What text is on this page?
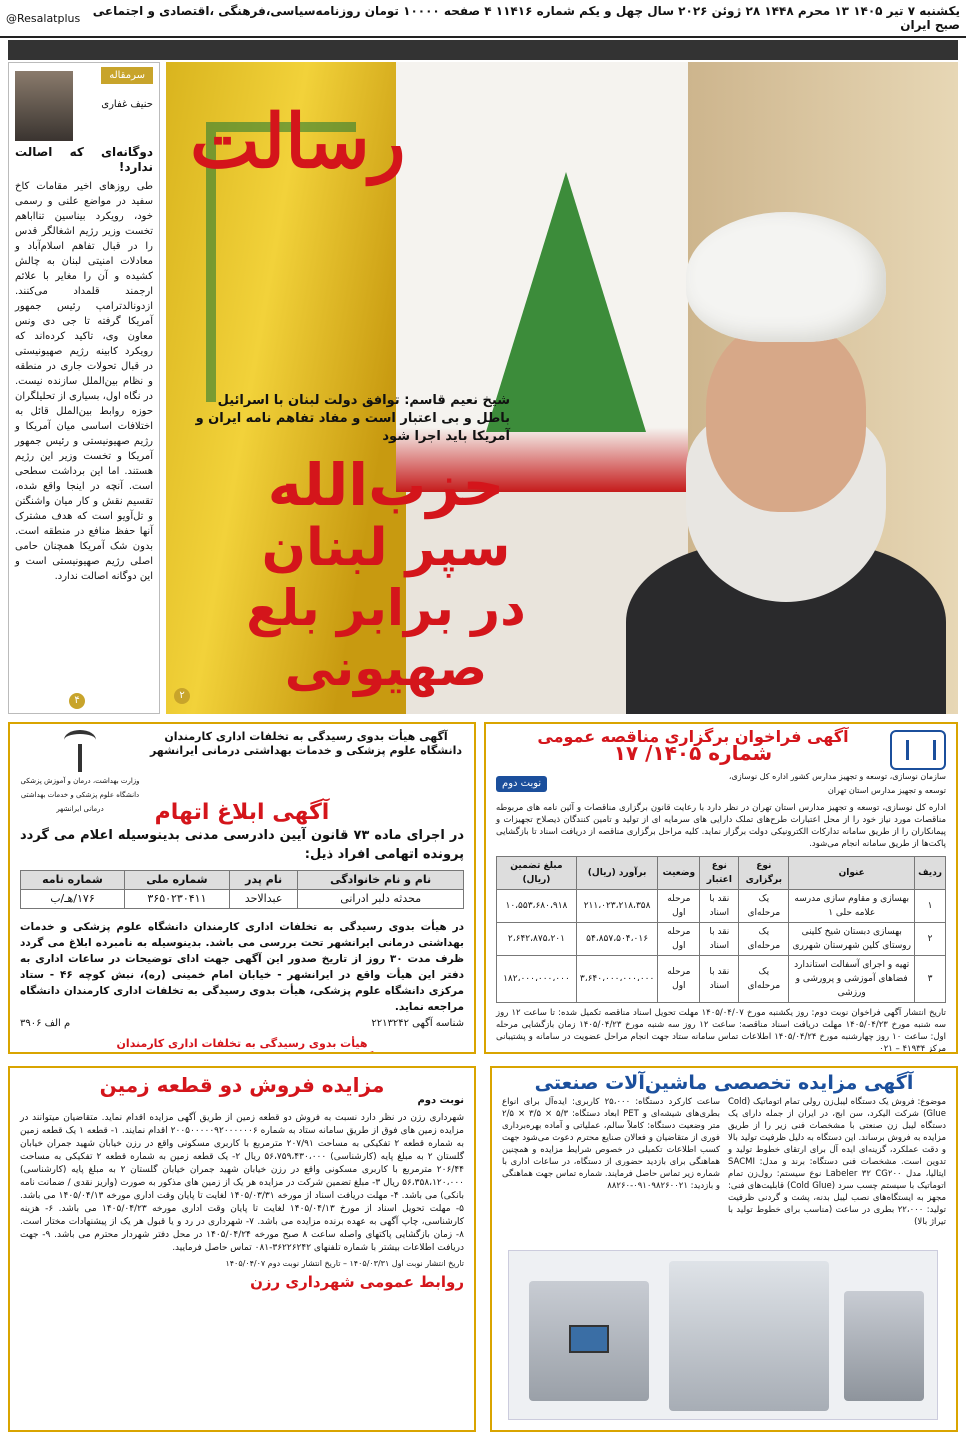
یکشنبه ۷ تیر ۱۴۰۵ ۱۳ محرم ۱۴۴۸ ۲۸ ژوئن ۲۰۲۶ سال چهل و یکم شماره ۱۱۴۱۶ ۴ صفحه ۱۰۰۰۰ تومان روزنامه‌سیاسی،فرهنگی ،اقتصادی و اجتماعی صبح ایران
@Resalatplus
سرمقاله
حنیف غفاری
دوگانه‌ای که اصالت ندارد!
طی روزهای اخیر مقامات کاخ سفید در مواضع علنی و رسمی خود، رویکرد بیناسین تنااباهم تخست وزیر رژیم اشغالگر قدس را در قبال تفاهم اسلام‌آباد و معادلات امنیتی لبنان به چالش کشیده و آن را مغایر با علائم ارجمند قلمداد می‌کنند. ازدونالدترامپ رئیس جمهور آمریکا گرفته تا جی دی ونس معاون وی، تاکید کرده‌اند که رویکرد کابینه رژیم صهیونیستی در قبال تحولات جاری در منطقه و نظام بین‌الملل سازنده نیست. در نگاه اول، بسیاری از تحلیلگران حوزه روابط بین‌الملل قائل به اختلافات اساسی میان آمریکا و رژیم صهیونیستی و رئیس جمهور آمریکا و تخست وزیر این رژیم هستند. اما این برداشت سطحی است. آنچه در اینجا واقع شده، تقسیم نقش و کار میان واشنگتن و تل‌آویو است که هدف مشترک آنها حفظ منافع در منطقه است. بدون شک آمریکا همچنان حامی اصلی رژیم صهیونیستی است و این دوگانه اصالت ندارد.
۴
رسالت
شیخ نعیم قاسم: توافق دولت لبنان با اسرائیل باطل و بی اعتبار است و مفاد تفاهم نامه ایران و آمریکا باید اجرا شود
حزب‌الله
سپر لبنان
در برابر بلع صهیونی
۲
آگهی فراخوان برگزاری مناقصه عمومی
شماره ۱۴۰۵/ ۱۷
سازمان نوسازی، توسعه و تجهیز مدارس کشور اداره کل نوسازی، توسعه و تجهیز مدارس استان تهران
نوبت دوم
اداره کل نوسازی، توسعه و تجهیز مدارس استان تهران در نظر دارد با رعایت قانون برگزاری مناقصات و آئین نامه های مربوطه مناقصات مورد نیاز خود را از محل اعتبارات طرح‌های تملک دارایی های سرمایه ای از تولید و تامین کنندگان ذیصلاح تجهیزات و پیمانکاران را از طریق سامانه تدارکات الکترونیکی دولت برگزار نماید. کلیه مراحل برگزاری مناقصه از دریافت اسناد تا بازگشایی پاکت‌ها از طریق سامانه انجام می‌شود.
ردیف	عنوان	نوع برگزاری	نوع اعتبار	وضعیت	برآورد (ریال)	مبلغ تضمین (ریال)
۱	بهسازی و مقاوم سازی مدرسه علامه حلی ۱	یک مرحله‌ای	نقد با اسناد	مرحله اول	۲۱۱،۰۲۳،۲۱۸،۳۵۸	۱۰،۵۵۳،۶۸۰،۹۱۸
۲	بهسازی دبستان شیخ کلینی روستای کلین شهرستان شهرری	یک مرحله‌ای	نقد با اسناد	مرحله اول	۵۴،۸۵۷،۵۰۴،۰۱۶	۲،۶۴۲،۸۷۵،۲۰۱
۳	تهیه و اجرای آسفالت استاندارد فضاهای آموزشی و پرورشی و ورزشی	یک مرحله‌ای	نقد با اسناد	مرحله اول	۳،۶۴۰،۰۰۰،۰۰۰،۰۰۰	۱۸۲،۰۰۰،۰۰۰،۰۰۰
تاریخ انتشار آگهی فراخوان نوبت دوم: روز یکشنبه مورخ ۱۴۰۵/۰۴/۰۷ مهلت تحویل اسناد مناقصه تکمیل شده: تا ساعت ۱۲ روز سه شنبه مورخ ۱۴۰۵/۰۴/۲۳ مهلت دریافت اسناد مناقصه: ساعت ۱۲ روز سه شنبه مورخ ۱۴۰۵/۰۴/۲۳ زمان بازگشایی مرحله اول: ساعت ۱۰ روز چهارشنبه مورخ ۱۴۰۵/۰۴/۲۴ اطلاعات تماس سامانه ستاد جهت انجام مراحل عضویت در سامانه و پشتیبانی مرکز ۴۱۹۳۴ – ۰۲۱
آگهی هیأت بدوی رسیدگی به تخلفات اداری کارمندان
دانشگاه علوم پزشکی و خدمات بهداشتی درمانی ایرانشهر
وزارت بهداشت، درمان و آموزش پزشکی دانشگاه علوم پزشکی و خدمات بهداشتی درمانی ایرانشهر	آگهی ابلاغ اتهام
در اجرای ماده ۷۳ قانون آیین دادرسی مدنی بدینوسیله اعلام می گردد پرونده اتهامی افراد ذیل:
نام و نام خانوادگی	نام پدر	شماره ملی	شماره نامه
محدثه دلبر ادرانی	عبدالاحد	۳۶۵۰۲۳۰۴۱۱	۱۷۶/هـ/ب
در هیأت بدوی رسیدگی به تخلفات اداری کارمندان دانشگاه علوم پزشکی و خدمات بهداشتی درمانی ایرانشهر تحت بررسی می باشد. بدینوسیله به نامبرده ابلاغ می گردد ظرف مدت ۳۰ روز از تاریخ صدور این آگهی جهت ادای توضیحات در ساعات اداری به دفتر این هیأت واقع در ایرانشهر - خیابان امام خمینی (ره)، نبش کوچه ۴۶ - ستاد مرکزی دانشگاه علوم پزشکی، هیأت بدوی رسیدگی به تخلفات اداری کارمندان دانشگاه مراجعه نماید.
شناسه آگهی ۲۲۱۳۲۴۲
م الف ۳۹۰۶
هیأت بدوی رسیدگی به تخلفات اداری کارمندان
آگهی مزایده تخصصی ماشین‌آلات صنعتی
موضوع: فروش یک دستگاه لیبل‌زن رولی تمام اتوماتیک (Cold Glue) شرکت الیکرد، سن ابج، در ایران از جمله دارای یک دستگاه لیبل زن صنعتی با مشخصات فنی زیر را از طریق مزایده به فروش برساند. این دستگاه به دلیل ظرفیت تولید بالا و دقت عملکرد، گزینه‌ای ایده آل برای ارتقای خطوط تولید و تدوین است. مشخصات فنی دستگاه: برند و مدل: SACMI ایتالیا، مدل Labeler ۳۲ CG۲۰۰ نوع سیستم: رول‌زن تمام اتوماتیک با سیستم چسب سرد (Cold Glue) قابلیت‌های فنی: مجهز به ایستگاه‌های نصب لیبل بدنه، پشت و گردنی ظرفیت تولید: ۲۲،۰۰۰ بطری در ساعت (مناسب برای خطوط تولید با تیراژ بالا)
ساعت کارکرد دستگاه: ۲۵،۰۰۰ کاربری: ایده‌آل برای انواع بطری‌های شیشه‌ای و PET ابعاد دستگاه: ۵/۳ × ۳/۵ × ۲/۵ متر وضعیت دستگاه: کاملاً سالم، عملیاتی و آماده بهره‌برداری فوری از متقاضیان و فعالان صنایع محترم دعوت می‌شود جهت کسب اطلاعات تکمیلی در خصوص شرایط مزایده و همچنین هماهنگی برای بازدید حضوری از دستگاه، در ساعات اداری با شماره زیر تماس حاصل فرمایند. شماره تماس جهت هماهنگی و بازدید: ۰۹۱۰۹۸۲۶۰۰۲۱-۸۸۲۶۰
مزایده فروش دو قطعه زمین
نوبت دوم
شهرداری رزن در نظر دارد نسبت به فروش دو قطعه زمین از طریق آگهی مزایده اقدام نماید. متقاضیان میتوانند در مزایده زمین های فوق از طریق سامانه ستاد به شماره ۲۰۰۵۰۰۰۰۰۹۲۰۰۰۰۰۰۶ اقدام نمایند. ۱- قطعه ۱ یک قطعه زمین به شماره قطعه ۲ تفکیکی به مساحت ۲۰۷/۹۱ مترمربع با کاربری مسکونی واقع در رزن خیابان شهید جمران خیابان گلستان ۲ به مبلغ پایه (کارشناسی) ۵۶،۷۵۹،۴۳۰،۰۰۰ ریال ۲- یک قطعه زمین به شماره قطعه ۲ تفکیکی به مساحت ۲۰۶/۴۴ مترمربع با کاربری مسکونی واقع در رزن خیابان شهید جمران خیابان گلستان ۲ به مبلغ پایه (کارشناسی) ۵۶،۳۵۸،۱۲۰،۰۰۰ ریال ۳- مبلغ تضمین شرکت در مزایده هر یک از زمین های مذکور به صورت (واریز نقدی / ضمانت نامه بانکی) می باشد. ۴- مهلت دریافت اسناد از مورخه ۱۴۰۵/۰۳/۳۱ لغایت تا پایان وقت اداری مورخه ۱۴۰۵/۰۴/۱۳ می باشد. ۵- مهلت تحویل اسناد از مورخ ۱۴۰۵/۰۴/۱۳ لغایت تا پایان وقت اداری مورخه ۱۴۰۵/۰۴/۲۳ می باشد. ۶- هزینه کارشناسی، چاپ آگهی به عهده برنده مزایده می باشد. ۷- شهرداری در رد و یا قبول هر یک از پیشنهادات مختار است. ۸- زمان بازگشایی پاکتهای واصله ساعت ۸ صبح مورخه ۱۴۰۵/۰۴/۲۴ در محل دفتر شهردار محترم می باشد. ۹- جهت دریافت اطلاعات بیشتر با شماره تلفنهای ۳۶۲۲۶۲۴۲-۰۸۱ تماس حاصل فرمایید.
تاریخ انتشار نوبت اول ۱۴۰۵/۰۳/۳۱ – تاریخ انتشار نوبت دوم ۱۴۰۵/۰۴/۰۷
روابط عمومی شهرداری رزن
